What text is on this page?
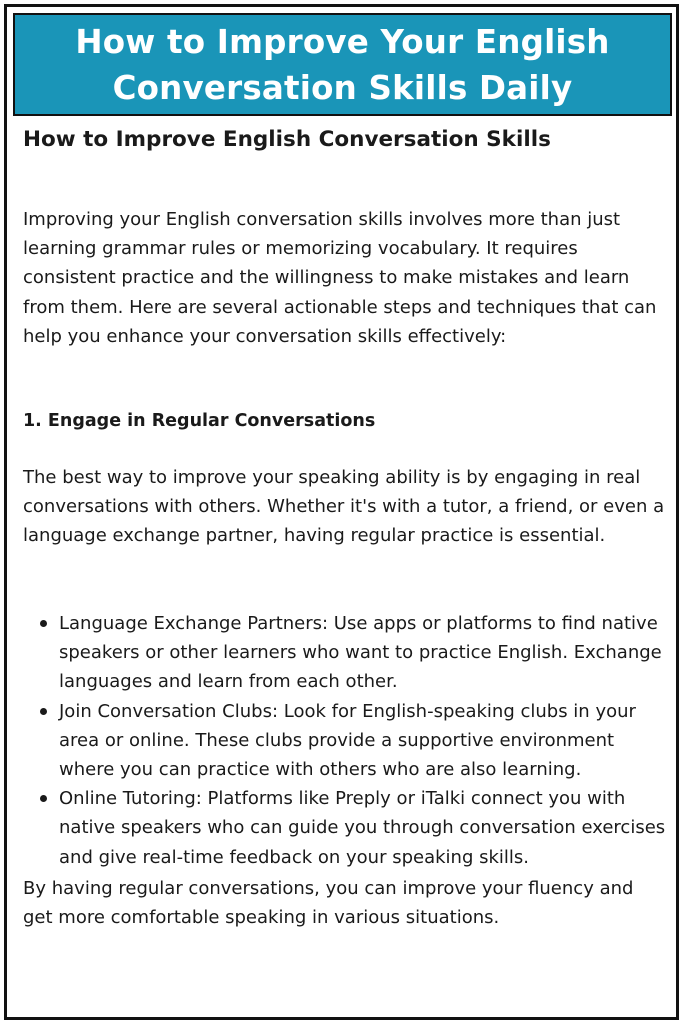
How to Improve Your English
Conversation Skills Daily
How to Improve English Conversation Skills

Improving your English conversation skills involves more than just learning grammar rules or memorizing vocabulary. It requires consistent practice and the willingness to make mistakes and learn from them. Here are several actionable steps and techniques that can help you enhance your conversation skills effectively:

1. Engage in Regular Conversations

The best way to improve your speaking ability is by engaging in real conversations with others. Whether it's with a tutor, a friend, or even a language exchange partner, having regular practice is essential.

Language Exchange Partners: Use apps or platforms to find native speakers or other learners who want to practice English. Exchange languages and learn from each other.
Join Conversation Clubs: Look for English-speaking clubs in your area or online. These clubs provide a supportive environment where you can practice with others who are also learning.
Online Tutoring: Platforms like Preply or iTalki connect you with native speakers who can guide you through conversation exercises and give real-time feedback on your speaking skills.

By having regular conversations, you can improve your fluency and get more comfortable speaking in various situations.
